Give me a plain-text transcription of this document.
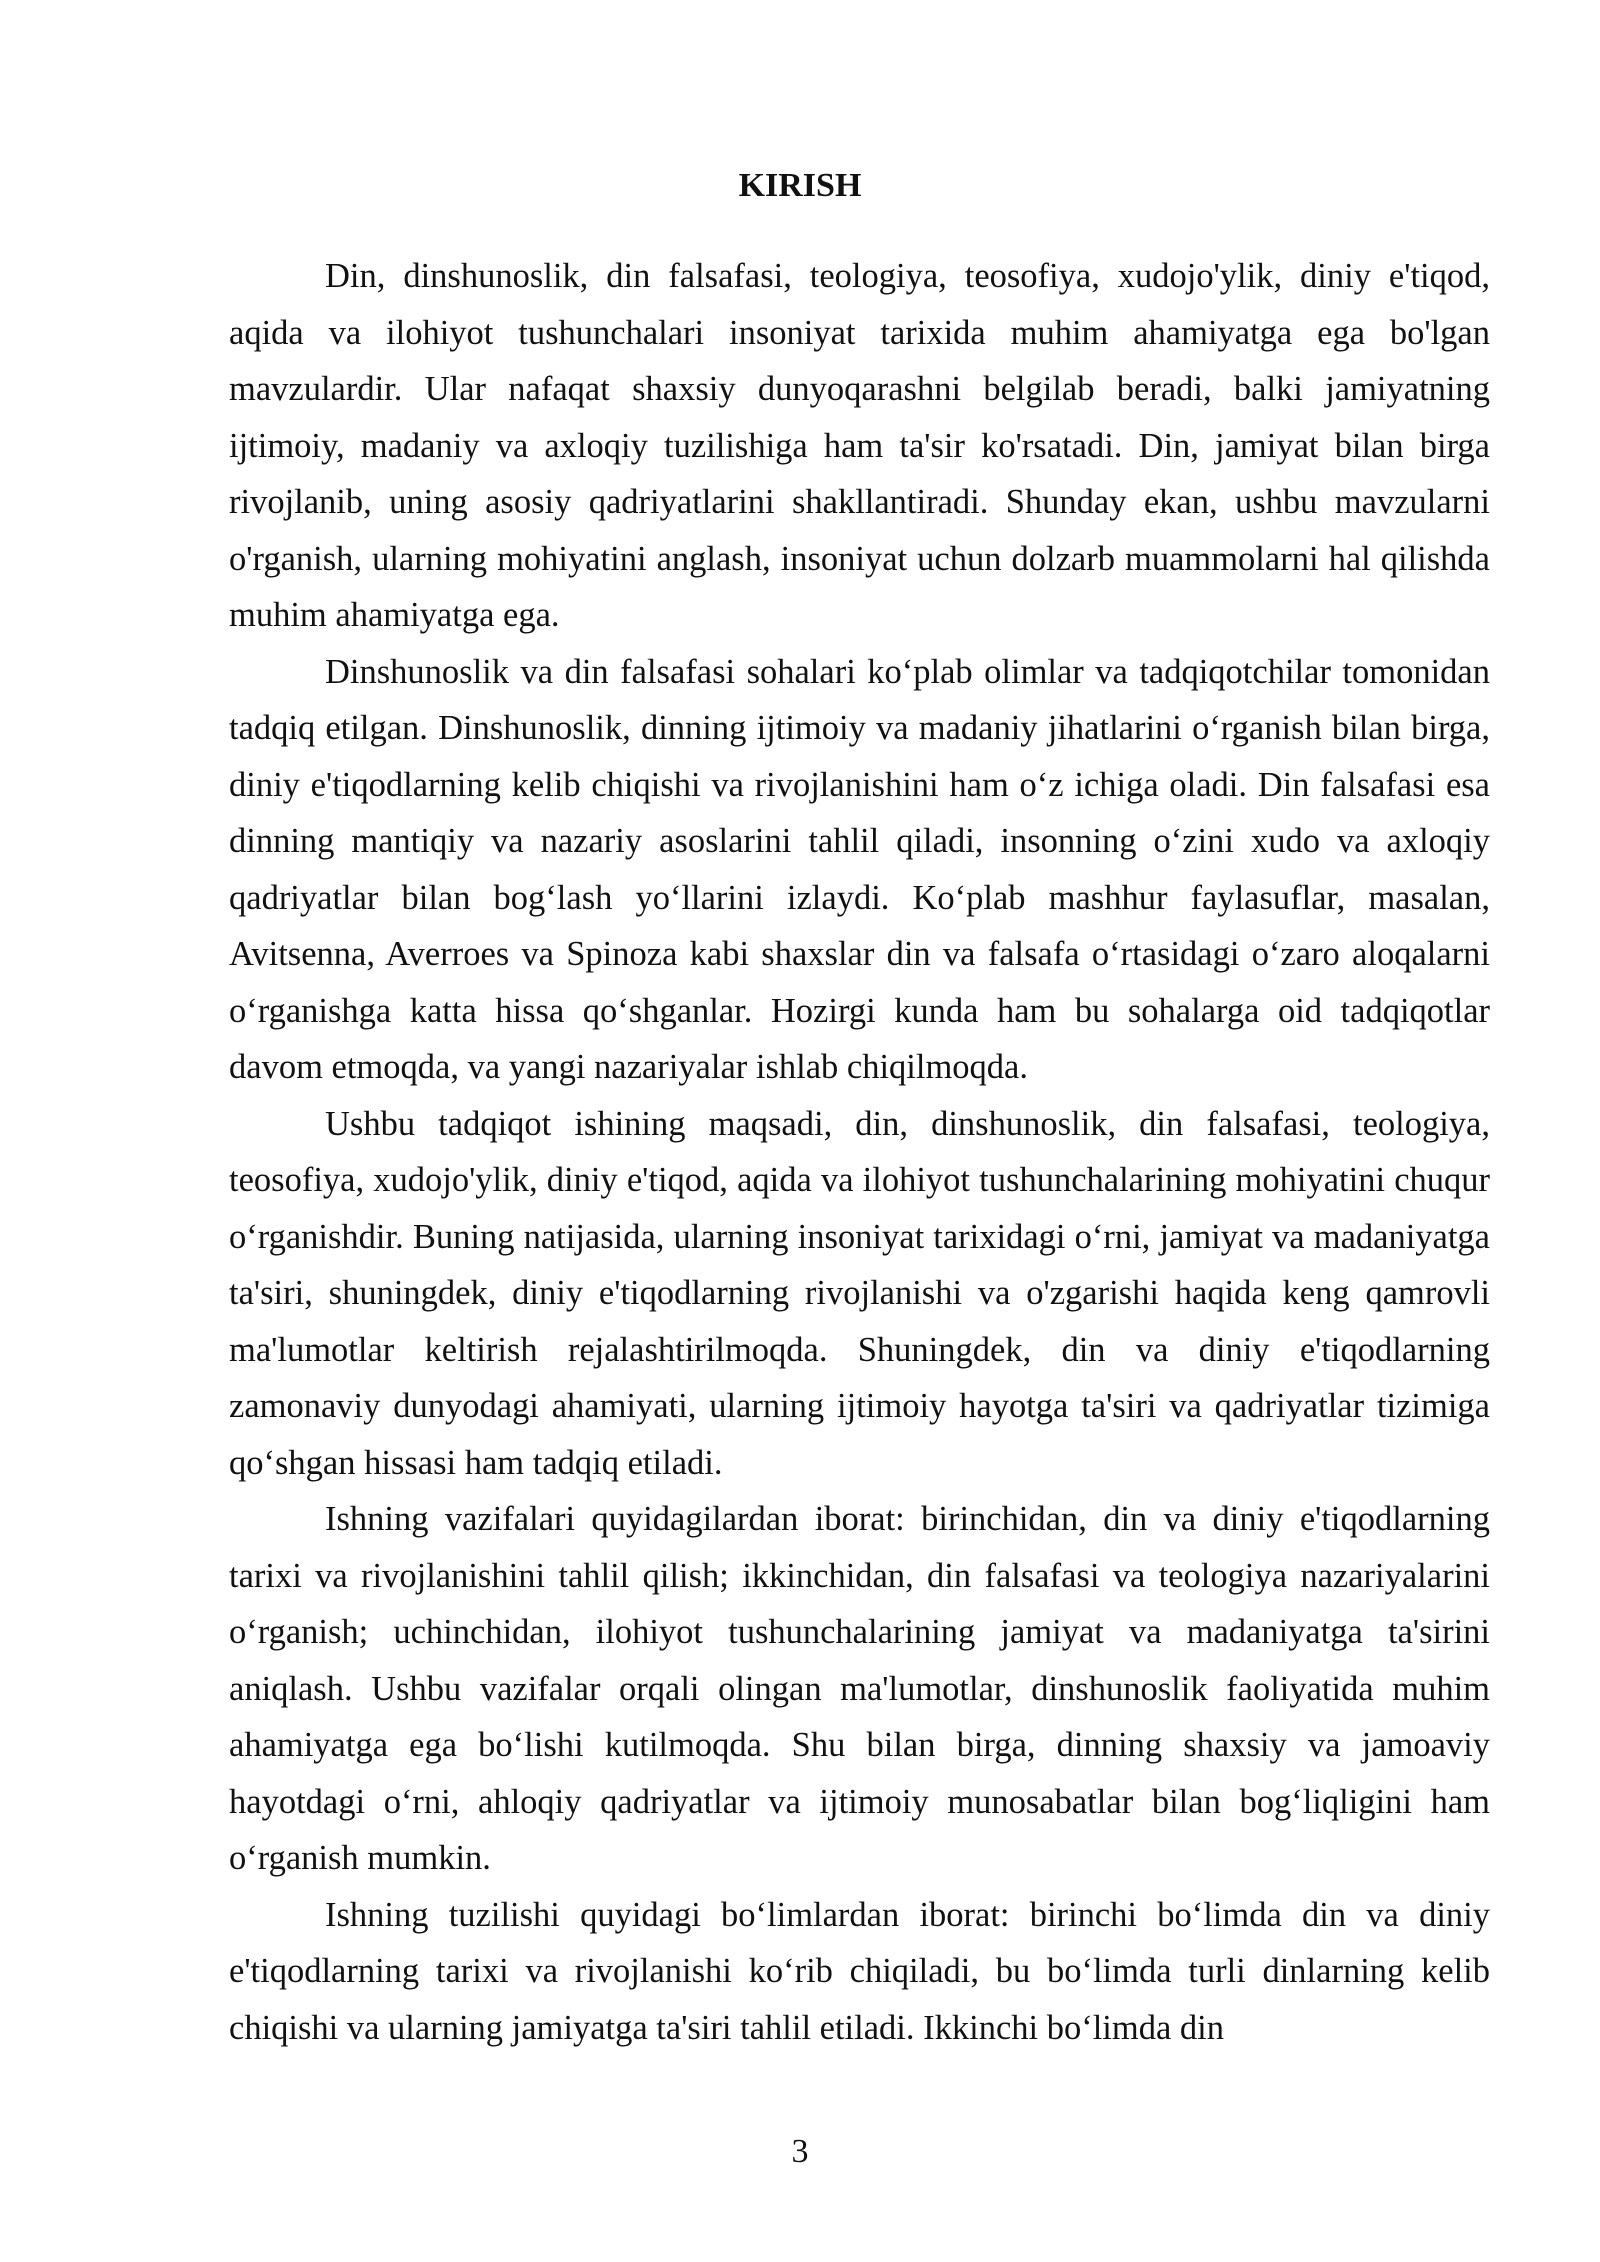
KIRISH

Din, dinshunoslik, din falsafasi, teologiya, teosofiya, xudojo'ylik, diniy e'tiqod, aqida va ilohiyot tushunchalari insoniyat tarixida muhim ahamiyatga ega bo'lgan mavzulardir. Ular nafaqat shaxsiy dunyoqarashni belgilab beradi, balki jamiyatning ijtimoiy, madaniy va axloqiy tuzilishiga ham ta'sir ko'rsatadi. Din, jamiyat bilan birga rivojlanib, uning asosiy qadriyatlarini shakllantiradi. Shunday ekan, ushbu mavzularni o'rganish, ularning mohiyatini anglash, insoniyat uchun dolzarb muammolarni hal qilishda muhim ahamiyatga ega.

Dinshunoslik va din falsafasi sohalari ko‘plab olimlar va tadqiqotchilar tomonidan tadqiq etilgan. Dinshunoslik, dinning ijtimoiy va madaniy jihatlarini o‘rganish bilan birga, diniy e'tiqodlarning kelib chiqishi va rivojlanishini ham o‘z ichiga oladi. Din falsafasi esa dinning mantiqiy va nazariy asoslarini tahlil qiladi, insonning o‘zini xudo va axloqiy qadriyatlar bilan bog‘lash yo‘llarini izlaydi. Ko‘plab mashhur faylasuflar, masalan, Avitsenna, Averroes va Spinoza kabi shaxslar din va falsafa o‘rtasidagi o‘zaro aloqalarni o‘rganishga katta hissa qo‘shganlar. Hozirgi kunda ham bu sohalarga oid tadqiqotlar davom etmoqda, va yangi nazariyalar ishlab chiqilmoqda.

Ushbu tadqiqot ishining maqsadi, din, dinshunoslik, din falsafasi, teologiya, teosofiya, xudojo'ylik, diniy e'tiqod, aqida va ilohiyot tushunchalarining mohiyatini chuqur o‘rganishdir. Buning natijasida, ularning insoniyat tarixidagi o‘rni, jamiyat va madaniyatga ta'siri, shuningdek, diniy e'tiqodlarning rivojlanishi va o'zgarishi haqida keng qamrovli ma'lumotlar keltirish rejalashtirilmoqda. Shuningdek, din va diniy e'tiqodlarning zamonaviy dunyodagi ahamiyati, ularning ijtimoiy hayotga ta'siri va qadriyatlar tizimiga qo‘shgan hissasi ham tadqiq etiladi.

Ishning vazifalari quyidagilardan iborat: birinchidan, din va diniy e'tiqodlarning tarixi va rivojlanishini tahlil qilish; ikkinchidan, din falsafasi va teologiya nazariyalarini o‘rganish; uchinchidan, ilohiyot tushunchalarining jamiyat va madaniyatga ta'sirini aniqlash. Ushbu vazifalar orqali olingan ma'lumotlar, dinshunoslik faoliyatida muhim ahamiyatga ega bo‘lishi kutilmoqda. Shu bilan birga, dinning shaxsiy va jamoaviy hayotdagi o‘rni, ahloqiy qadriyatlar va ijtimoiy munosabatlar bilan bog‘liqligini ham o‘rganish mumkin.

Ishning tuzilishi quyidagi bo‘limlardan iborat: birinchi bo‘limda din va diniy e'tiqodlarning tarixi va rivojlanishi ko‘rib chiqiladi, bu bo‘limda turli dinlarning kelib chiqishi va ularning jamiyatga ta'siri tahlil etiladi. Ikkinchi bo‘limda din

3
